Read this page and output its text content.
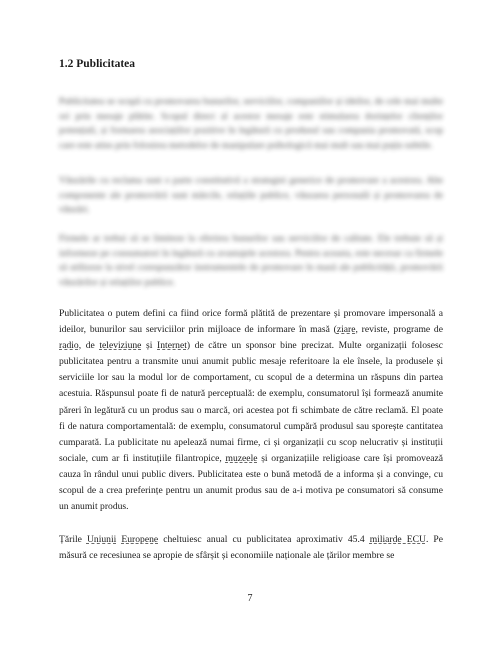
1.2 Publicitatea
Publicitatea se ocupă cu promovarea bunurilor, serviciilor, companiilor și ideilor, de cele mai multe ori prin mesaje plătite. Scopul direct al acestor mesaje este stimularea dorințelor clienților potențiali, și formarea asociațiilor pozitive în legătură cu produsul sau compania promovată, scop care este atins prin folosirea metodelor de manipulare psihologică mai mult sau mai puțin subtile.
Vânzările cu reclama sunt o parte constitutivă a strategiei generice de promovare a acestora. Alte componente ale promovării sunt mărcile, relațiile publice, vânzarea personală și promovarea de vânzări.
Firmele ar trebui să se limiteze la oferirea bunurilor sau serviciilor de calitate. Ele trebuie să și informeze pe consumatori în legătură cu avantajele acestora. Pentru aceasta, este necesar ca firmele să utilizeze la nivel corespunzător instrumentele de promovare în masă ale publicității, promovării vânzărilor și relațiilor publice.

Publicitatea o putem defini ca fiind orice formă plătită de prezentare și promovare impersonală a ideilor, bunurilor sau serviciilor prin mijloace de informare în masă (ziare, reviste, programe de radio, de televiziune și Internet) de către un sponsor bine precizat. Multe organizații folosesc publicitatea pentru a transmite unui anumit public mesaje referitoare la ele însele, la produsele și serviciile lor sau la modul lor de comportament, cu scopul de a determina un răspuns din partea acestuia. Răspunsul poate fi de natură perceptuală: de exemplu, consumatorul își formează anumite păreri în legătură cu un produs sau o marcă, ori acestea pot fi schimbate de către reclamă. El poate fi de natura comportamentală: de exemplu, consumatorul cumpără produsul sau sporește cantitatea cumparată. La publicitate nu apelează numai firme, ci și organizații cu scop nelucrativ și instituții sociale, cum ar fi instituțiile filantropice, muzeele și organizațiile religioase care își promovează cauza în rândul unui public divers. Publicitatea este o bună metodă de a informa și a convinge, cu scopul de a crea preferințe pentru un anumit produs sau de a-i motiva pe consumatori să consume un anumit produs.

Țările Uniunii Europene cheltuiesc anual cu publicitatea aproximativ 45.4 miliarde ECU. Pe măsură ce recesiunea se apropie de sfârșit și economiile naționale ale țărilor membre se

7
